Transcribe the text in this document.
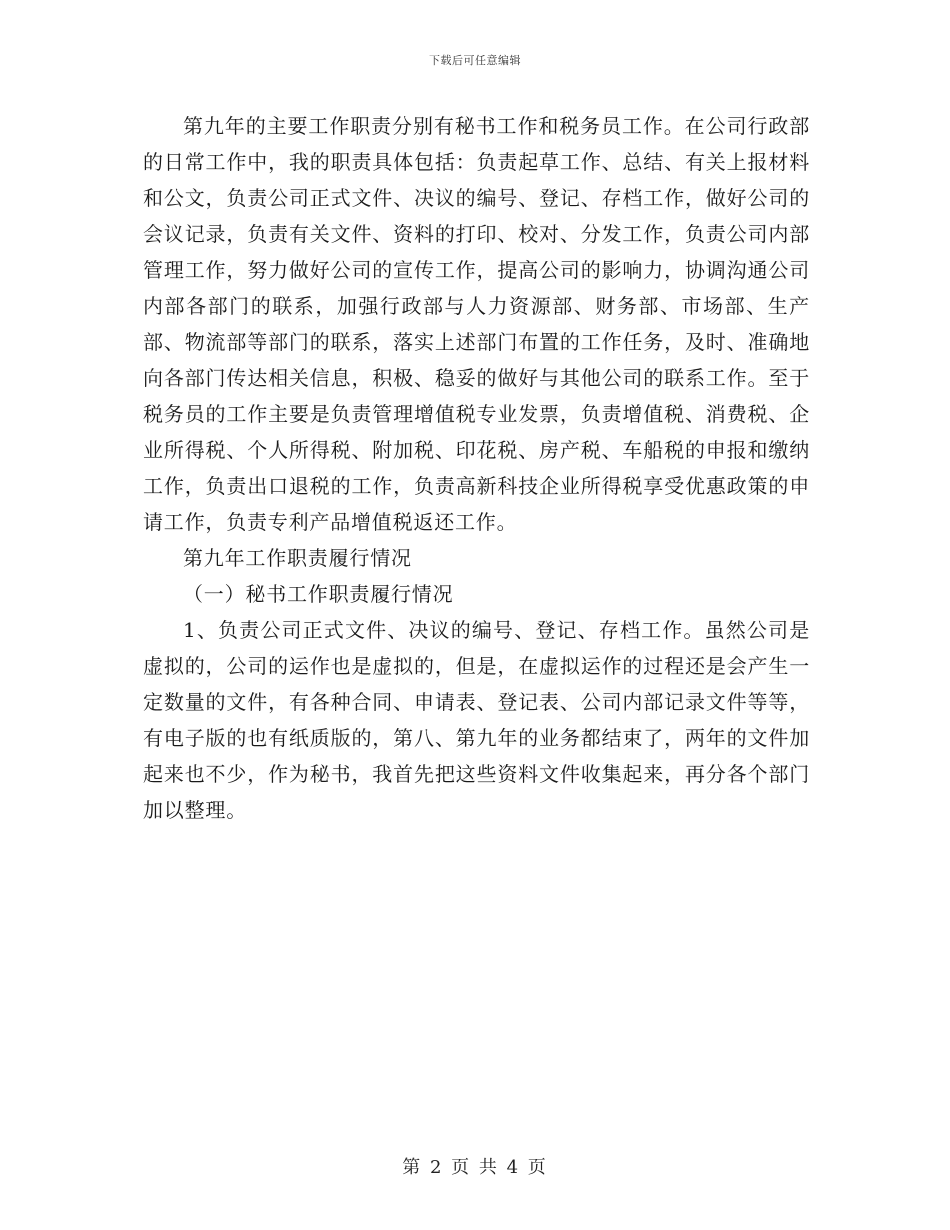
下载后可任意编辑

第九年的主要工作职责分别有秘书工作和税务员工作。在公司行政部的日常工作中，我的职责具体包括：负责起草工作、总结、有关上报材料和公文，负责公司正式文件、决议的编号、登记、存档工作，做好公司的会议记录，负责有关文件、资料的打印、校对、分发工作，负责公司内部管理工作，努力做好公司的宣传工作，提高公司的影响力，协调沟通公司内部各部门的联系，加强行政部与人力资源部、财务部、市场部、生产部、物流部等部门的联系，落实上述部门布置的工作任务，及时、准确地向各部门传达相关信息，积极、稳妥的做好与其他公司的联系工作。至于税务员的工作主要是负责管理增值税专业发票，负责增值税、消费税、企业所得税、个人所得税、附加税、印花税、房产税、车船税的申报和缴纳工作，负责出口退税的工作，负责高新科技企业所得税享受优惠政策的申请工作，负责专利产品增值税返还工作。

第九年工作职责履行情况

（一）秘书工作职责履行情况

1、负责公司正式文件、决议的编号、登记、存档工作。虽然公司是虚拟的，公司的运作也是虚拟的，但是，在虚拟运作的过程还是会产生一定数量的文件，有各种合同、申请表、登记表、公司内部记录文件等等，有电子版的也有纸质版的，第八、第九年的业务都结束了，两年的文件加起来也不少，作为秘书，我首先把这些资料文件收集起来，再分各个部门加以整理。

第 2 页 共 4 页
